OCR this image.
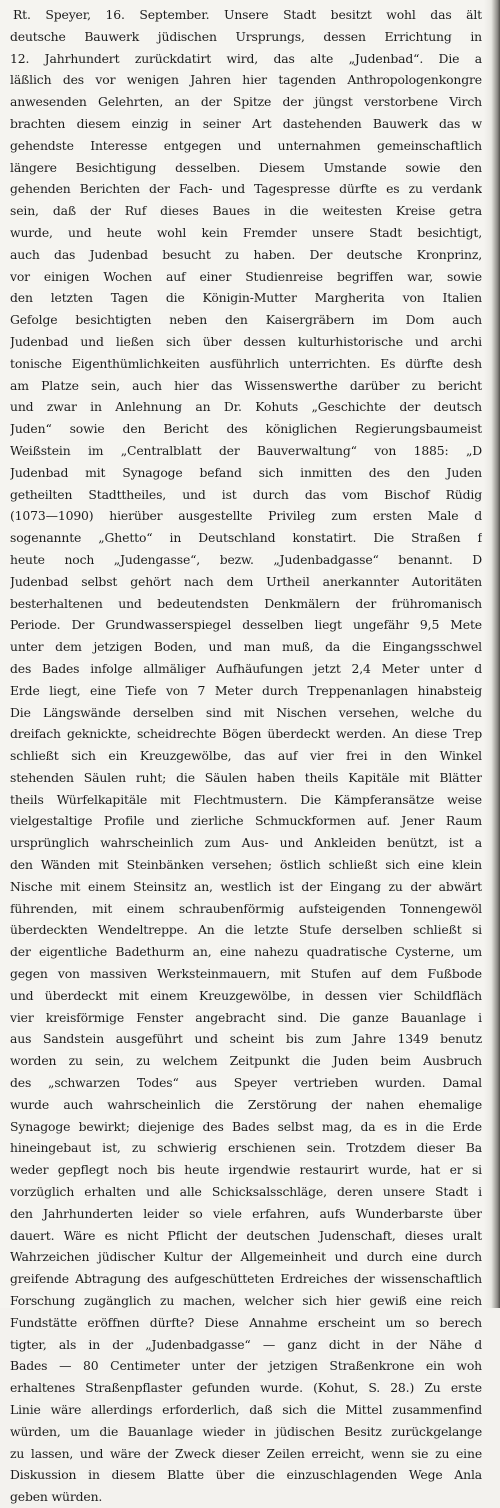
Rt. Speyer, 16. September. Unsere Stadt besitzt wohl das ält
deutsche Bauwerk jüdischen Ursprungs, dessen Errichtung in
12. Jahrhundert zurückdatirt wird, das alte „Judenbad“. Die a
läßlich des vor wenigen Jahren hier tagenden Anthropologenkongre
anwesenden Gelehrten, an der Spitze der jüngst verstorbene Virch
brachten diesem einzig in seiner Art dastehenden Bauwerk das w
gehendste Interesse entgegen und unternahmen gemeinschaftlich
längere Besichtigung desselben. Diesem Umstande sowie den
gehenden Berichten der Fach- und Tagespresse dürfte es zu verdank
sein, daß der Ruf dieses Baues in die weitesten Kreise getra
wurde, und heute wohl kein Fremder unsere Stadt besichtigt,
auch das Judenbad besucht zu haben. Der deutsche Kronprinz,
vor einigen Wochen auf einer Studienreise begriffen war, sowie
den letzten Tagen die Königin-Mutter Margherita von Italien
Gefolge besichtigten neben den Kaisergräbern im Dom auch
Judenbad und ließen sich über dessen kulturhistorische und archi
tonische Eigenthümlichkeiten ausführlich unterrichten. Es dürfte desh
am Platze sein, auch hier das Wissenswerthe darüber zu bericht
und zwar in Anlehnung an Dr. Kohuts „Geschichte der deutsch
Juden“ sowie den Bericht des königlichen Regierungsbaumeist
Weißstein im „Centralblatt der Bauverwaltung“ von 1885: „D
Judenbad mit Synagoge befand sich inmitten des den Juden
getheilten Stadttheiles, und ist durch das vom Bischof Rüdig
(1073—1090) hierüber ausgestellte Privileg zum ersten Male d
sogenannte „Ghetto“ in Deutschland konstatirt. Die Straßen f
heute noch „Judengasse“, bezw. „Judenbadgasse“ benannt. D
Judenbad selbst gehört nach dem Urtheil anerkannter Autoritäten
besterhaltenen und bedeutendsten Denkmälern der frühromanisch
Periode. Der Grundwasserspiegel desselben liegt ungefähr 9,5 Mete
unter dem jetzigen Boden, und man muß, da die Eingangsschwel
des Bades infolge allmäliger Aufhäufungen jetzt 2,4 Meter unter d
Erde liegt, eine Tiefe von 7 Meter durch Treppenanlagen hinabsteig
Die Längswände derselben sind mit Nischen versehen, welche du
dreifach geknickte, scheidrechte Bögen überdeckt werden. An diese Trep
schließt sich ein Kreuzgewölbe, das auf vier frei in den Winkel
stehenden Säulen ruht; die Säulen haben theils Kapitäle mit Blätter
theils Würfelkapitäle mit Flechtmustern. Die Kämpferansätze weise
vielgestaltige Profile und zierliche Schmuckformen auf. Jener Raum
ursprünglich wahrscheinlich zum Aus- und Ankleiden benützt, ist a
den Wänden mit Steinbänken versehen; östlich schließt sich eine klein
Nische mit einem Steinsitz an, westlich ist der Eingang zu der abwärt
führenden, mit einem schraubenförmig aufsteigenden Tonnengewöl
überdeckten Wendeltreppe. An die letzte Stufe derselben schließt si
der eigentliche Badethurm an, eine nahezu quadratische Cysterne, um
gegen von massiven Werksteinmauern, mit Stufen auf dem Fußbode
und überdeckt mit einem Kreuzgewölbe, in dessen vier Schildfläch
vier kreisförmige Fenster angebracht sind. Die ganze Bauanlage i
aus Sandstein ausgeführt und scheint bis zum Jahre 1349 benutz
worden zu sein, zu welchem Zeitpunkt die Juden beim Ausbruch
des „schwarzen Todes“ aus Speyer vertrieben wurden. Damal
wurde auch wahrscheinlich die Zerstörung der nahen ehemalige
Synagoge bewirkt; diejenige des Bades selbst mag, da es in die Erde
hineingebaut ist, zu schwierig erschienen sein. Trotzdem dieser Ba
weder gepflegt noch bis heute irgendwie restaurirt wurde, hat er si
vorzüglich erhalten und alle Schicksalsschläge, deren unsere Stadt i
den Jahrhunderten leider so viele erfahren, aufs Wunderbarste über
dauert. Wäre es nicht Pflicht der deutschen Judenschaft, dieses uralt
Wahrzeichen jüdischer Kultur der Allgemeinheit und durch eine durch
greifende Abtragung des aufgeschütteten Erdreiches der wissenschaftlich
Forschung zugänglich zu machen, welcher sich hier gewiß eine reich
Fundstätte eröffnen dürfte? Diese Annahme erscheint um so berech
tigter, als in der „Judenbadgasse“ — ganz dicht in der Nähe d
Bades — 80 Centimeter unter der jetzigen Straßenkrone ein woh
erhaltenes Straßenpflaster gefunden wurde. (Kohut, S. 28.) Zu erste
Linie wäre allerdings erforderlich, daß sich die Mittel zusammenfind
würden, um die Bauanlage wieder in jüdischen Besitz zurückgelange
zu lassen, und wäre der Zweck dieser Zeilen erreicht, wenn sie zu eine
Diskussion in diesem Blatte über die einzuschlagenden Wege Anla
geben würden.
